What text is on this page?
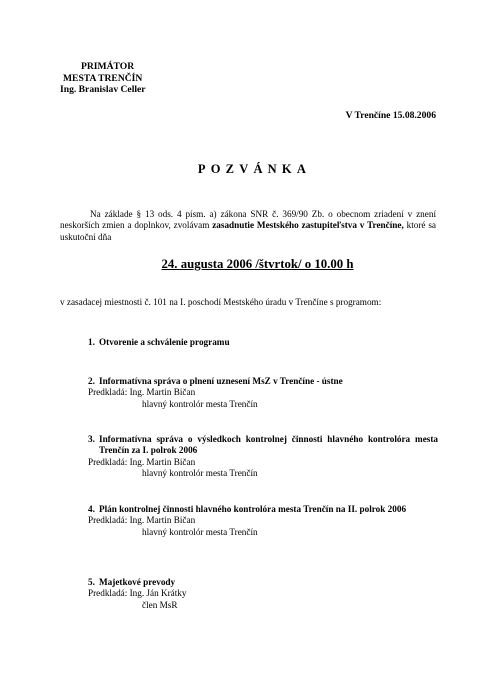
PRIMÁTOR
MESTA TRENČÍN
Ing. Branislav Celler
V Trenčíne 15.08.2006
POZVÁNKA
Na základe § 13 ods. 4 písm. a) zákona SNR č. 369/90 Zb. o obecnom zriadení v znení neskorších zmien a doplnkov, zvolávam zasadnutie Mestského zastupiteľstva v Trenčíne, ktoré sa uskutoční dňa
24. augusta 2006 /štvrtok/ o 10.00 h
v zasadacej miestnosti č. 101 na I. poschodí Mestského úradu v Trenčíne s programom:
1. Otvorenie a schválenie programu
2. Informatívna správa o plnení uznesení MsZ v Trenčíne - ústne
Predkladá: Ing. Martin Bičan
hlavný kontrolór mesta Trenčín
3. Informatívna správa o výsledkoch kontrolnej činnosti hlavného kontrolóra mesta Trenčín za I. polrok 2006
Predkladá: Ing. Martin Bičan
hlavný kontrolór mesta Trenčín
4. Plán kontrolnej činnosti hlavného kontrolóra mesta Trenčín na II. polrok 2006
Predkladá: Ing. Martin Bičan
hlavný kontrolór mesta Trenčín
5. Majetkové prevody
Predkladá: Ing. Ján Krátky
člen MsR
